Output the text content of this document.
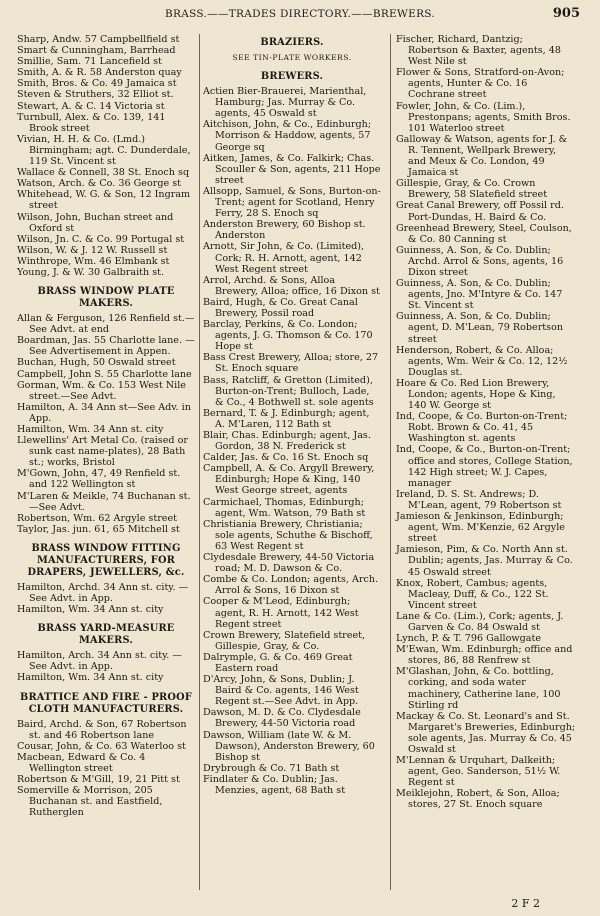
BRASS.——TRADES DIRECTORY.——BREWERS.	905

Sharp, Andw. 57 Campbellfield st

Smart & Cunningham, Barrhead

Smillie, Sam. 71 Lancefield st

Smith, A. & R. 58 Anderston quay

Smith, Bros. & Co. 49 Jamaica st

Steven & Struthers, 32 Elliot st.

Stewart, A. & C. 14 Victoria st

Turnbull, Alex. & Co. 139, 141 Brook street

Vivian, H. H. & Co. (Lmd.) Birmingham; agt. C. Dunderdale, 119 St. Vincent st

Wallace & Connell, 38 St. Enoch sq

Watson, Arch. & Co. 36 George st

Whitehead, W. G. & Son, 12 Ingram street

Wilson, John, Buchan street and Oxford st

Wilson, Jn. C. & Co. 99 Portugal st

Wilson, W. & J. 12 W. Russell st

Winthrope, Wm. 46 Elmbank st

Young, J. & W. 30 Galbraith st.

BRASS WINDOW PLATE MAKERS.

Allan & Ferguson, 126 Renfield st.—See Advt. at end

Boardman, Jas. 55 Charlotte lane. —See Advertisement in Appen.

Buchan, Hugh, 50 Oswald street

Campbell, John S. 55 Charlotte lane

Gorman, Wm. & Co. 153 West Nile street.—See Advt.

Hamilton, A. 34 Ann st—See Adv. in App.

Hamilton, Wm. 34 Ann st. city

Llewellins' Art Metal Co. (raised or sunk cast name-plates), 28 Bath st.; works, Bristol

M'Gown, John, 47, 49 Renfield st. and 122 Wellington st

M'Laren & Meikle, 74 Buchanan st. —See Advt.

Robertson, Wm. 62 Argyle street

Taylor, Jas. jun. 61, 65 Mitchell st

BRASS WINDOW FITTING MANUFACTURERS, FOR DRAPERS, JEWELLERS, &c.

Hamilton, Archd. 34 Ann st. city. —See Advt. in App.

Hamilton, Wm. 34 Ann st. city

BRASS YARD-MEASURE MAKERS.

Hamilton, Arch. 34 Ann st. city. —See Advt. in App.

Hamilton, Wm. 34 Ann st. city

BRATTICE AND FIRE - PROOF CLOTH MANUFACTURERS.

Baird, Archd. & Son, 67 Robertson st. and 46 Robertson lane

Cousar, John, & Co. 63 Waterloo st

Macbean, Edward & Co. 4 Wellington street

Robertson & M'Gill, 19, 21 Pitt st

Somerville & Morrison, 205 Buchanan st. and Eastfield, Rutherglen

BRAZIERS.

SEE TIN-PLATE WORKERS.

BREWERS.

Actien Bier-Brauerei, Marienthal, Hamburg; Jas. Murray & Co. agents, 45 Oswald st

Aitchison, John, & Co., Edinburgh; Morrison & Haddow, agents, 57 George sq

Aitken, James, & Co. Falkirk; Chas. Scouller & Son, agents, 211 Hope street

Allsopp, Samuel, & Sons, Burton-on-Trent; agent for Scotland, Henry Ferry, 28 S. Enoch sq

Anderston Brewery, 60 Bishop st. Anderston

Arnott, Sir John, & Co. (Limited), Cork; R. H. Arnott, agent, 142 West Regent street

Arrol, Archd. & Sons, Alloa Brewery, Alloa; office, 16 Dixon st

Baird, Hugh, & Co. Great Canal Brewery, Possil road

Barclay, Perkins, & Co. London; agents, J. G. Thomson & Co. 170 Hope st

Bass Crest Brewery, Alloa; store, 27 St. Enoch square

Bass, Ratcliff, & Gretton (Limited), Burton-on-Trent; Bulloch, Lade, & Co., 4 Bothwell st. sole agents

Bernard, T. & J. Edinburgh; agent, A. M'Laren, 112 Bath st

Blair, Chas. Edinburgh; agent, Jas. Gordon, 38 N. Frederick st

Calder, Jas. & Co. 16 St. Enoch sq

Campbell, A. & Co. Argyll Brewery, Edinburgh; Hope & King, 140 West George street, agents

Carmichael, Thomas, Edinburgh; agent, Wm. Watson, 79 Bath st

Christiania Brewery, Christiania; sole agents, Schuthe & Bischoff, 63 West Regent st

Clydesdale Brewery, 44-50 Victoria road; M. D. Dawson & Co.

Combe & Co. London; agents, Arch. Arrol & Sons, 16 Dixon st

Cooper & M'Leod, Edinburgh; agent, R. H. Arnott, 142 West Regent street

Crown Brewery, Slatefield street, Gillespie, Gray, & Co.

Dalrymple, G. & Co. 469 Great Eastern road

D'Arcy, John, & Sons, Dublin; J. Baird & Co. agents, 146 West Regent st.—See Advt. in App.

Dawson, M. D. & Co. Clydesdale Brewery, 44-50 Victoria road

Dawson, William (late W. & M. Dawson), Anderston Brewery, 60 Bishop st

Drybrough & Co. 71 Bath st

Findlater & Co. Dublin; Jas. Menzies, agent, 68 Bath st

Fischer, Richard, Dantzig; Robertson & Baxter, agents, 48 West Nile st

Flower & Sons, Stratford-on-Avon; agents, Hunter & Co. 16 Cochrane street

Fowler, John, & Co. (Lim.), Prestonpans; agents, Smith Bros. 101 Waterloo street

Galloway & Watson, agents for J. & R. Tennent, Wellpark Brewery, and Meux & Co. London, 49 Jamaica st

Gillespie, Gray, & Co. Crown Brewery, 58 Slatefield street

Great Canal Brewery, off Possil rd. Port-Dundas, H. Baird & Co.

Greenhead Brewery, Steel, Coulson, & Co. 80 Canning st

Guinness, A. Son, & Co. Dublin; Archd. Arrol & Sons, agents, 16 Dixon street

Guinness, A. Son, & Co. Dublin; agents, Jno. M'Intyre & Co. 147 St. Vincent st

Guinness, A. Son, & Co. Dublin; agent, D. M'Lean, 79 Robertson street

Henderson, Robert, & Co. Alloa; agents, Wm. Weir & Co. 12, 12½ Douglas st.

Hoare & Co. Red Lion Brewery, London; agents, Hope & King, 140 W. George st

Ind, Coope, & Co. Burton-on-Trent; Robt. Brown & Co. 41, 45 Washington st. agents

Ind, Coope, & Co., Burton-on-Trent; office and stores, College Station, 142 High street; W. J. Capes, manager

Ireland, D. S. St. Andrews; D. M'Lean, agent, 79 Robertson st

Jamieson & Jenkinson, Edinburgh; agent, Wm. M'Kenzie, 62 Argyle street

Jamieson, Pim, & Co. North Ann st. Dublin; agents, Jas. Murray & Co. 45 Oswald street

Knox, Robert, Cambus; agents, Macleay, Duff, & Co., 122 St. Vincent street

Lane & Co. (Lim.), Cork; agents, J. Garven & Co. 84 Oswald st

Lynch, P. & T. 796 Gallowgate

M'Ewan, Wm. Edinburgh; office and stores, 86, 88 Renfrew st

M'Glashan, John, & Co. bottling, corking, and soda water machinery, Catherine lane, 100 Stirling rd

Mackay & Co. St. Leonard's and St. Margaret's Breweries, Edinburgh; sole agents, Jas. Murray & Co. 45 Oswald st

M'Lennan & Urquhart, Dalkeith; agent, Geo. Sanderson, 51½ W. Regent st

Meiklejohn, Robert, & Son, Alloa; stores, 27 St. Enoch square

2 F 2
